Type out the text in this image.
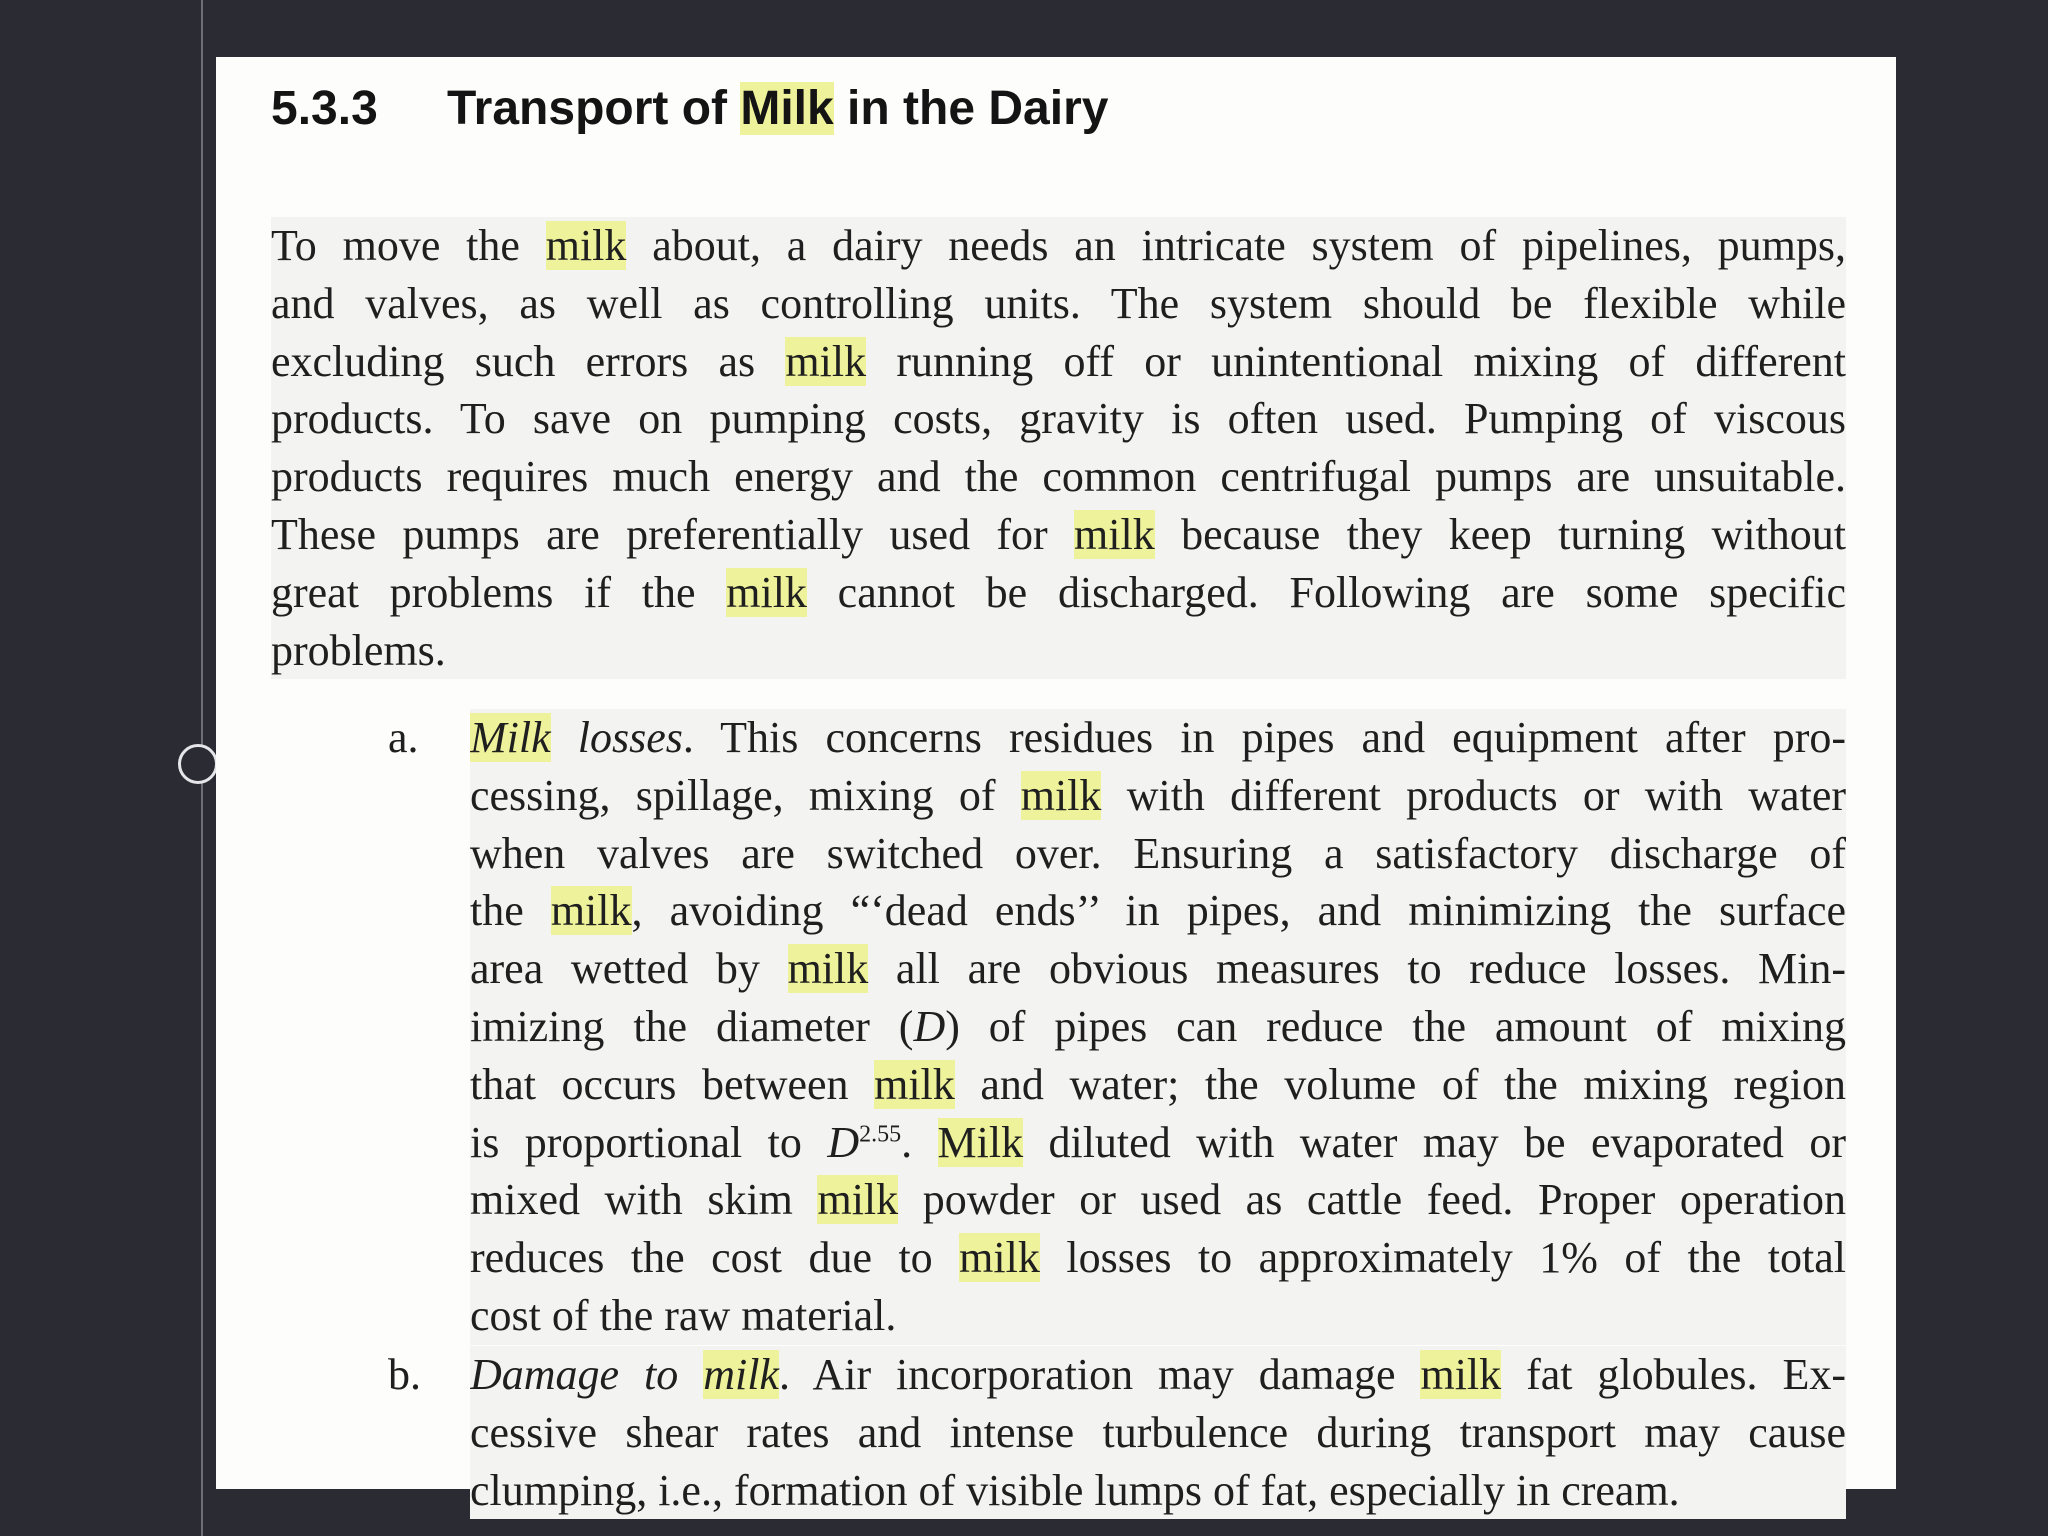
5.3.3 Transport of Milk in the Dairy
To move the milk about, a dairy needs an intricate system of pipelines, pumps,
and valves, as well as controlling units. The system should be flexible while
excluding such errors as milk running off or unintentional mixing of different
products. To save on pumping costs, gravity is often used. Pumping of viscous
products requires much energy and the common centrifugal pumps are unsuitable.
These pumps are preferentially used for milk because they keep turning without
great problems if the milk cannot be discharged. Following are some specific
problems.
a. Milk losses. This concerns residues in pipes and equipment after pro-
cessing, spillage, mixing of milk with different products or with water
when valves are switched over. Ensuring a satisfactory discharge of
the milk, avoiding “‘dead ends’’ in pipes, and minimizing the surface
area wetted by milk all are obvious measures to reduce losses. Min-
imizing the diameter (D) of pipes can reduce the amount of mixing
that occurs between milk and water; the volume of the mixing region
is proportional to $D^{2.55}$. Milk diluted with water may be evaporated or
mixed with skim milk powder or used as cattle feed. Proper operation
reduces the cost due to milk losses to approximately 1% of the total
cost of the raw material.
b. Damage to milk. Air incorporation may damage milk fat globules. Ex-
cessive shear rates and intense turbulence during transport may cause
clumping, i.e., formation of visible lumps of fat, especially in cream.
